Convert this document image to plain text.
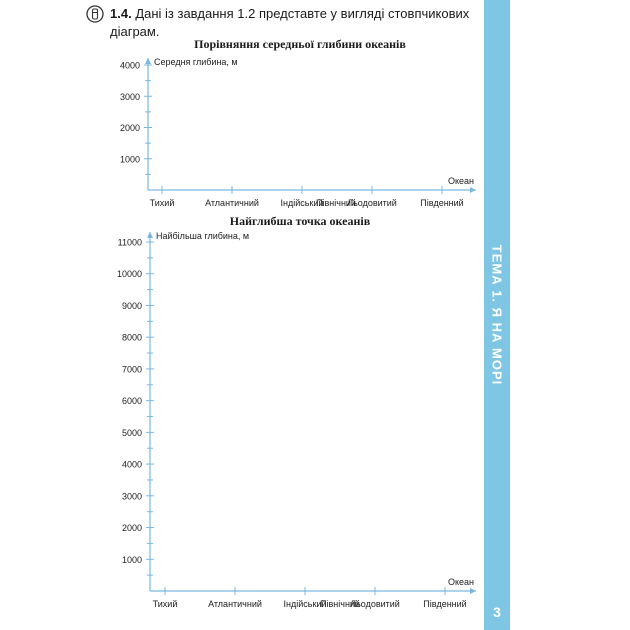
1.4. Дані із завдання 1.2 представте у вигляді стовпчикових діаграм.
Порівняння середньої глибини океанів
Найглибша точка океанів
1000
2000
3000
4000 Середня глибина, м
Океан
Тихий	Атлантичний Індійський
Північний
Льодовитий	Південний
1000
2000
3000
4000
5000
6000
7000
8000
9000
10000
11000
Найбільша глибина, м
Океан
Тихий	Атлантичний Індійський
Північний
Льодовитий	Південний
ТЕМА 1. Я НА МОРІ
3
